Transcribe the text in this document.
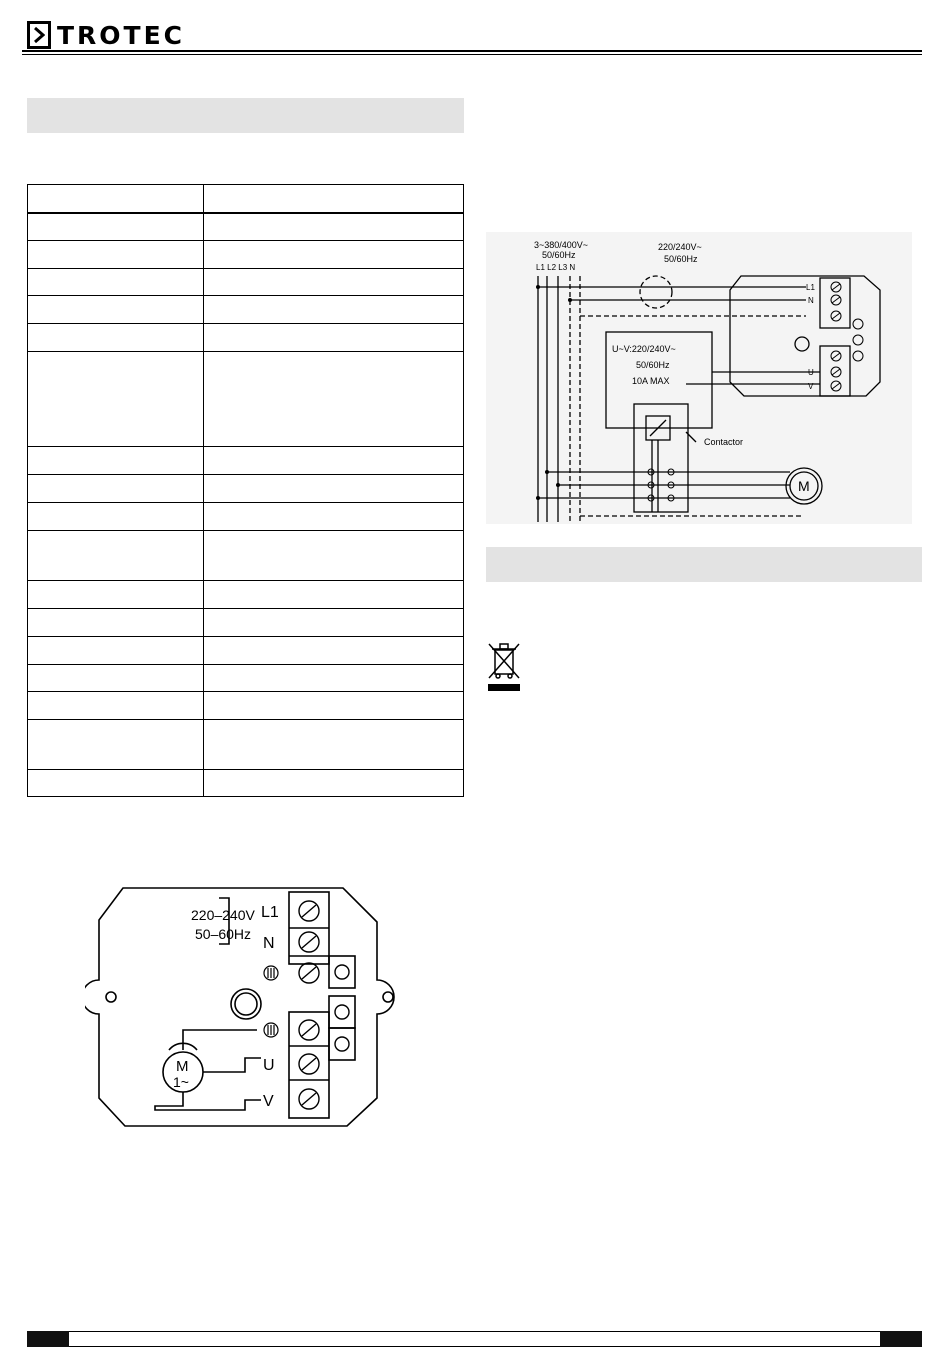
TROTEC

220–240V
50–60Hz
L1
N
U
V
M
1~
3~380/400V~
50/60Hz
L1 L2 L3 N
220/240V~
50/60Hz
U~V:220/240V~
50/60Hz
10A MAX
Contactor
M
L1
N
U
V
